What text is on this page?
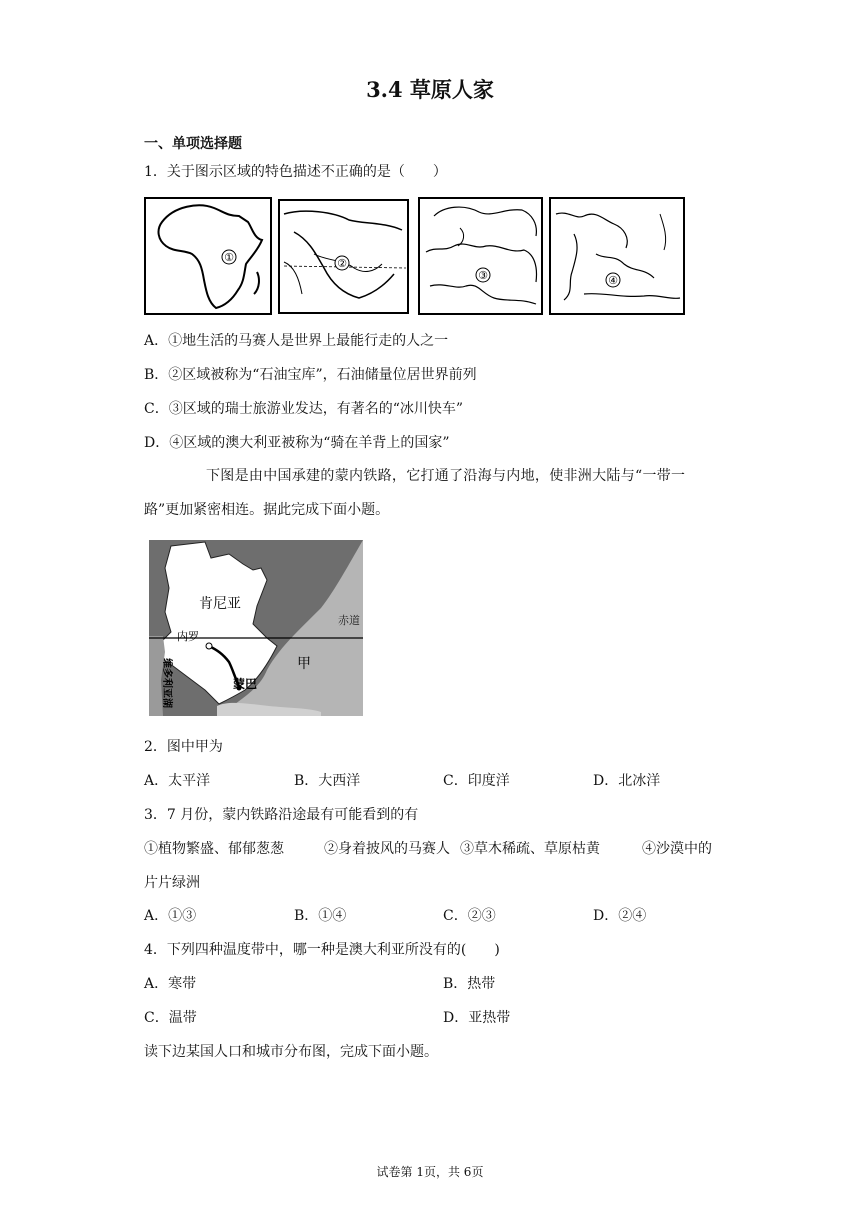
3.4 草原人家
一、单项选择题
1．关于图示区域的特色描述不正确的是（　　）
①	②
③	④
A．①地生活的马赛人是世界上最能行走的人之一
B．②区域被称为“石油宝库”，石油储量位居世界前列
C．③区域的瑞士旅游业发达，有著名的“冰川快车”
D．④区域的澳大利亚被称为“骑在羊背上的国家”
下图是由中国承建的蒙内铁路，它打通了沿海与内地，使非洲大陆与“一带一
路”更加紧密相连。据此完成下面小题。
肯尼亚
赤道
内罗
甲
蒙巴
维多利亚湖
2．图中甲为
A．太平洋	B．大西洋	C．印度洋	D．北冰洋
3．7 月份，蒙内铁路沿途最有可能看到的有
①植物繁盛、郁郁葱葱	②身着披风的马赛人 ③草木稀疏、草原枯黄	④沙漠中的
片片绿洲
A．①③	B．①④	C．②③	D．②④
4．下列四种温度带中，哪一种是澳大利亚所没有的(　　)
A．寒带	B．热带
C．温带	D．亚热带
读下边某国人口和城市分布图，完成下面小题。
试卷第 1页，共 6页
